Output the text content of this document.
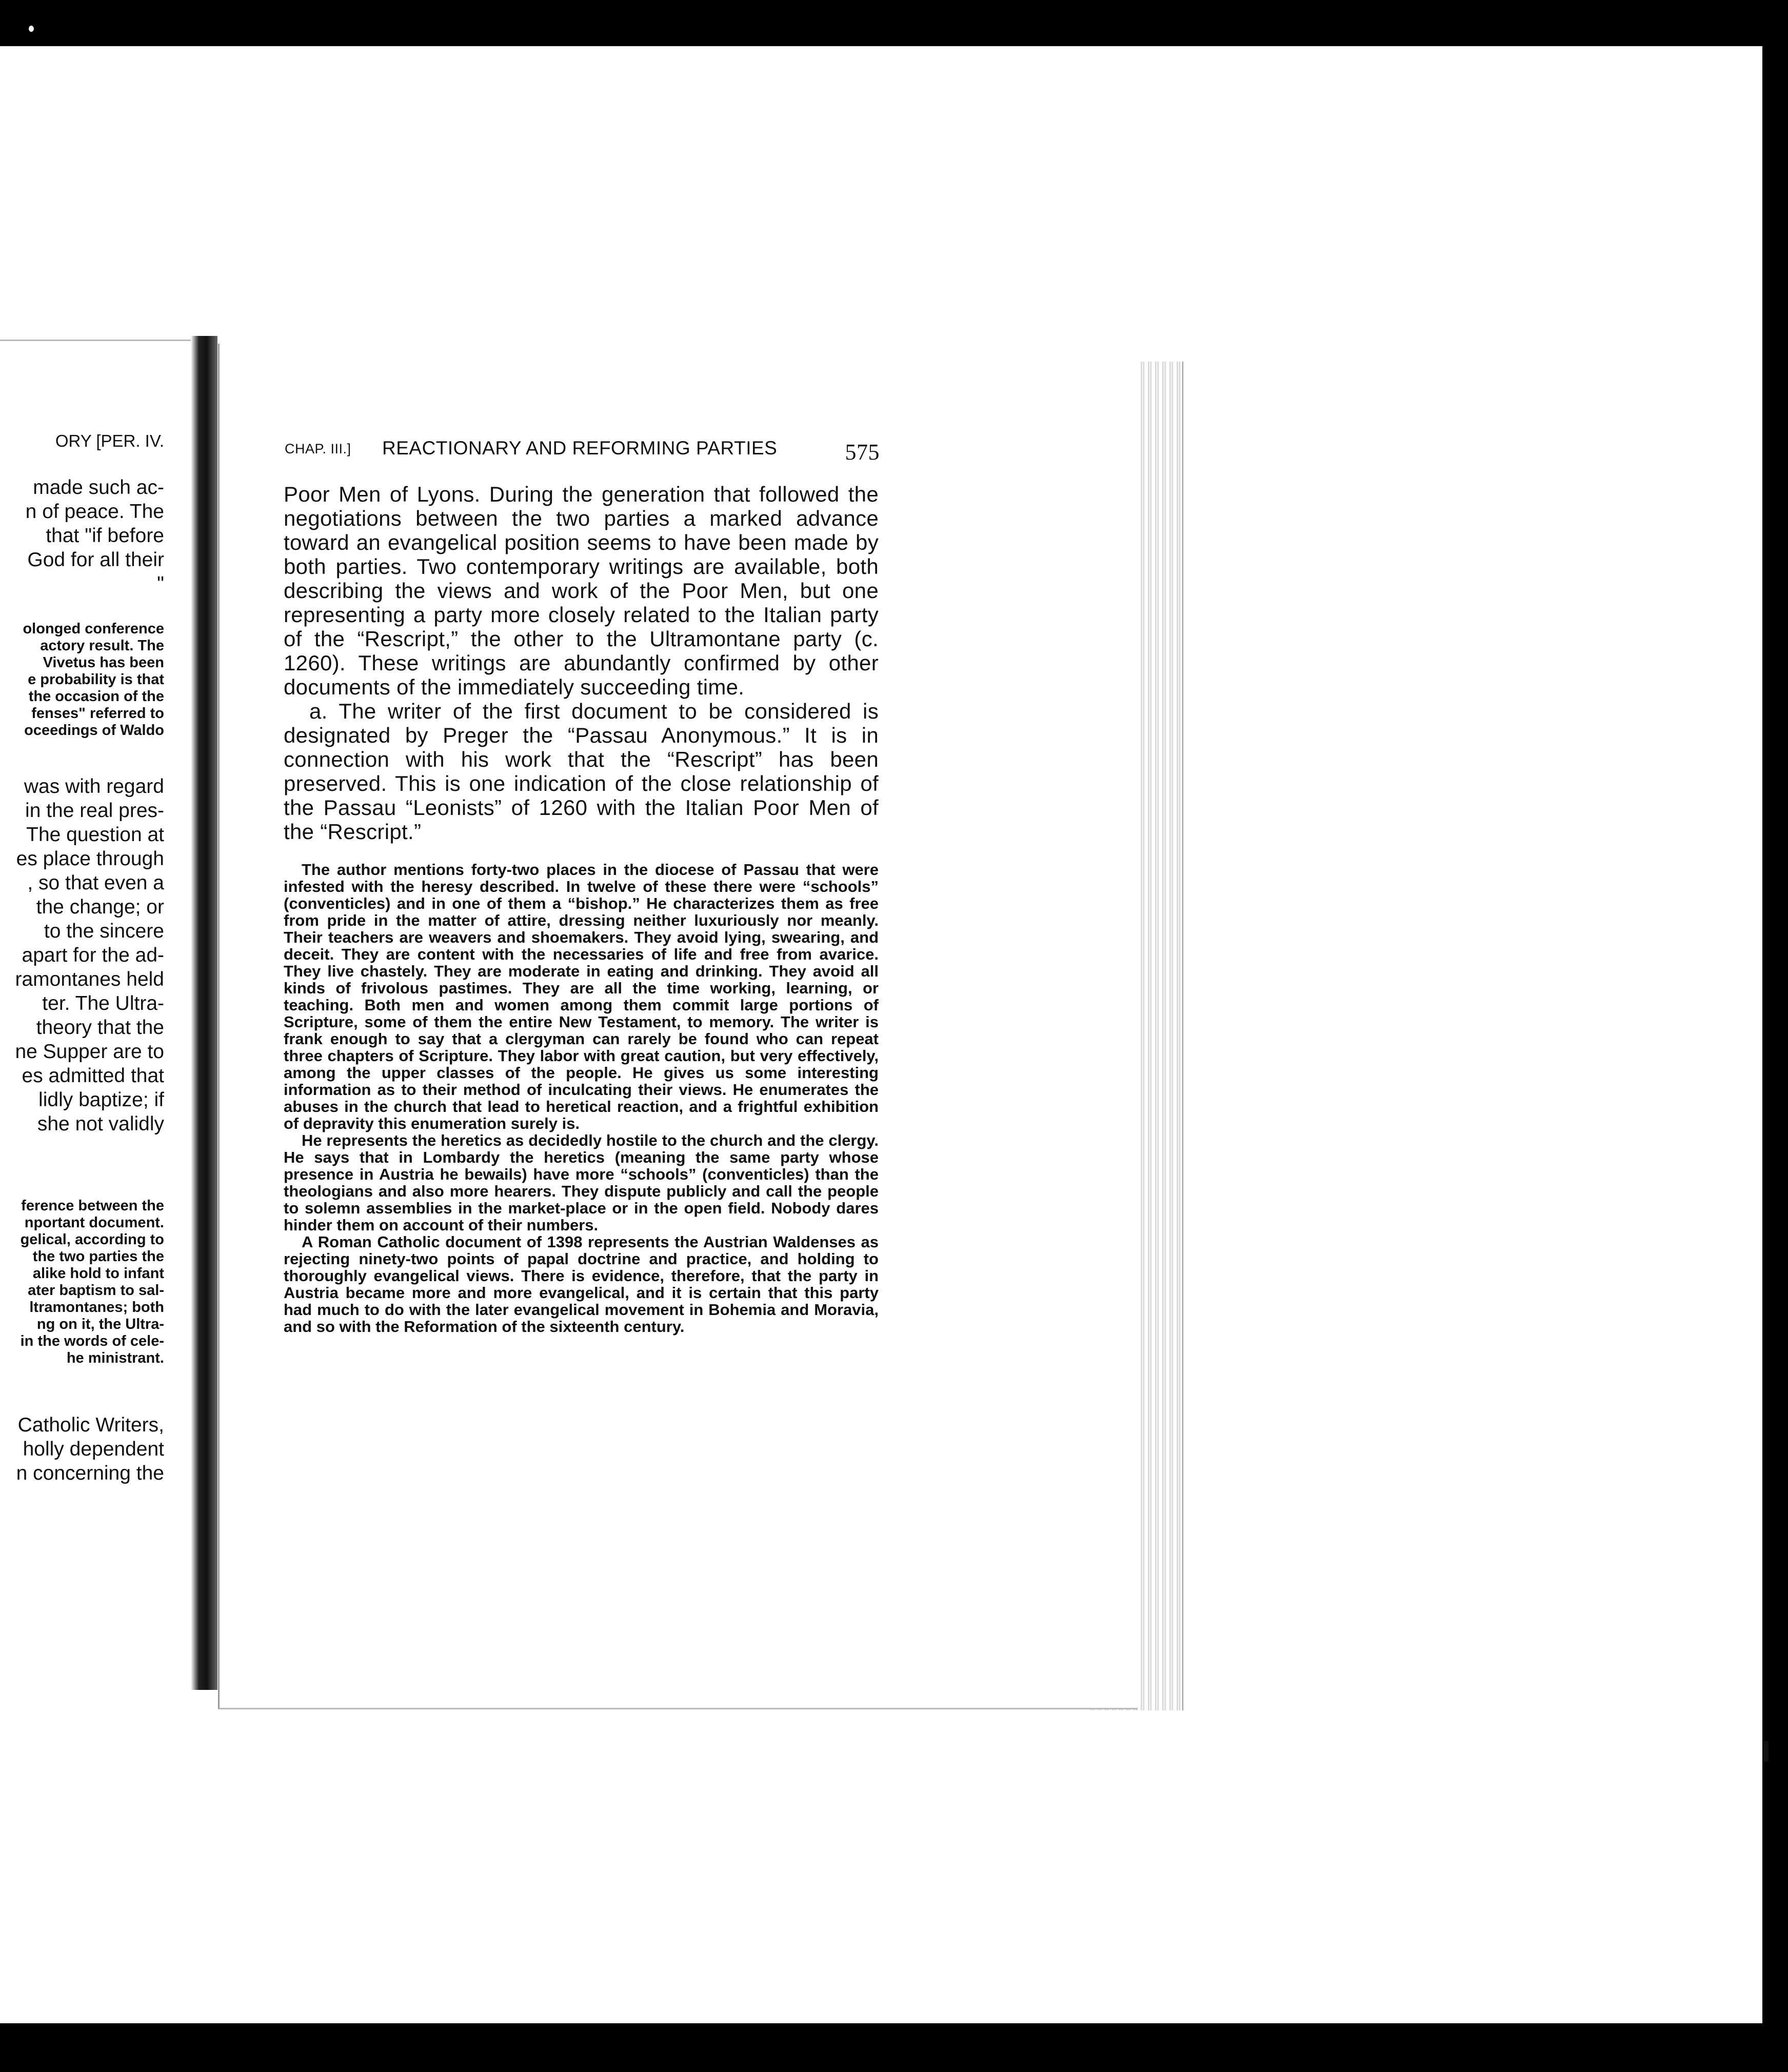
ORY [PER. IV.
made such ac-
n of peace. The
that "if before
God for all their
"
olonged conference
actory result. The
Vivetus has been
e probability is that
the occasion of the
fenses" referred to
oceedings of Waldo
was with regard
in the real pres-
The question at
es place through
, so that even a
the change; or
to the sincere
apart for the ad-
ramontanes held
ter. The Ultra-
theory that the
ne Supper are to
es admitted that
lidly baptize; if
she not validly
ference between the
nportant document.
gelical, according to
the two parties the
alike hold to infant
ater baptism to sal-
ltramontanes; both
ng on it, the Ultra-
in the words of cele-
he ministrant.
Catholic Writers,
holly dependent
n concerning the
CHAP. III.] REACTIONARY AND REFORMING PARTIES	575

Poor Men of Lyons. During the generation that followed the negotiations between the two parties a marked advance toward an evangelical position seems to have been made by both parties. Two contemporary writings are available, both describing the views and work of the Poor Men, but one representing a party more closely related to the Italian party of the “Rescript,” the other to the Ultramontane party (c. 1260). These writings are abundantly confirmed by other documents of the immediately succeeding time.

a. The writer of the first document to be considered is designated by Preger the “Passau Anonymous.” It is in connection with his work that the “Rescript” has been preserved. This is one indication of the close relationship of the Passau “Leonists” of 1260 with the Italian Poor Men of the “Rescript.”

The author mentions forty-two places in the diocese of Passau that were infested with the heresy described. In twelve of these there were “schools” (conventicles) and in one of them a “bishop.” He characterizes them as free from pride in the matter of attire, dressing neither luxuriously nor meanly. Their teachers are weavers and shoemakers. They avoid lying, swearing, and deceit. They are content with the necessaries of life and free from avarice. They live chastely. They are moderate in eating and drinking. They avoid all kinds of frivolous pastimes. They are all the time working, learning, or teaching. Both men and women among them commit large portions of Scripture, some of them the entire New Testament, to memory. The writer is frank enough to say that a clergyman can rarely be found who can repeat three chapters of Scripture. They labor with great caution, but very effectively, among the upper classes of the people. He gives us some interesting information as to their method of inculcating their views. He enumerates the abuses in the church that lead to heretical reaction, and a frightful exhibition of depravity this enumeration surely is.

He represents the heretics as decidedly hostile to the church and the clergy. He says that in Lombardy the heretics (meaning the same party whose presence in Austria he bewails) have more “schools” (conventicles) than the theologians and also more hearers. They dispute publicly and call the people to solemn assemblies in the market-place or in the open field. Nobody dares hinder them on account of their numbers.

A Roman Catholic document of 1398 represents the Austrian Waldenses as rejecting ninety-two points of papal doctrine and practice, and holding to thoroughly evangelical views. There is evidence, therefore, that the party in Austria became more and more evangelical, and it is certain that this party had much to do with the later evangelical movement in Bohemia and Moravia, and so with the Reformation of the sixteenth century.
